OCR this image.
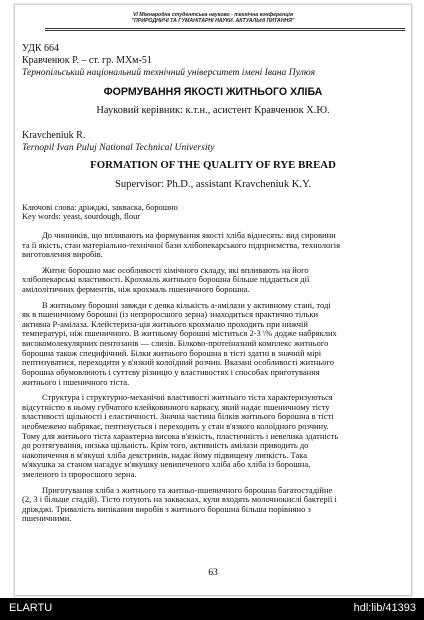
VI Міжнародна студентська науково - технічна конференція
"ПРИРОДНИЧІ ТА ГУМАНІТАРНІ НАУКИ. АКТУАЛЬНІ ПИТАННЯ"
УДК 664
Кравченюк Р. – ст. гр. МХм-51
Тернопільський національний технічний університет імені Івана Пулюя
ФОРМУВАННЯ ЯКОСТІ ЖИТНЬОГО ХЛІБА
Науковий керівник: к.т.н., асистент Кравченюк Х.Ю.
Kravcheniuk R.
Ternopil Ivan Puluj National Technical University
FORMATION OF THE QUALITY OF RYE BREAD
Supervisor: Ph.D., assistant Kravcheniuk K.Y.
Ключові слова: дріжджі, закваска, борошно
Key words: yeast, sourdough, flour
До чинників, що впливають на формування якості хліба віднесять: вид сировини
та її якість, стан матеріально-технічної бази хлібопекарського підприємства, технологія
виготовлення виробів.
Житнє борошно має особливості хімічного складу, які впливають на його
хлібопекарські властивості. Крохмаль житнього борошна більше піддається дії
амілолітичних ферментів, ніж крохмаль пшеничного борошна.
В житньому борошні завжди є деяка кількість a-амілази у активному стані, тоді
як в пшеничному борошні (із непроросшого зерна) знаходиться практично тільки
активна Р-амілаза. Клейстериза-ція житнього крохмалю проходить при нижчій
температурі, ніж пшеничного. В житньому борошні міститься 2-3 \% додже набряклих
високомолекулярних пентозанів — слизів. Білково-протеїназний комплекс житнього
борошна також специфічний. Білки житнього борошна в тісті здатні в значній мірі
пептизуватися, переходити у в'язкий колоїдний розчин. Вказані особливості житнього
борошна обумовлюють і суттєву різницю у властивостях і способах приготування
житнього і пшеничного тіста.
Структура і структурно-механічні властивості житнього тіста характеризуються
відсутністю в ньому губчатого клейковинного каркасу, який надає пшеничному тісту
властивості щільності і еластичності. Значна частина білків житнього борошна в тісті
необмежено набрякає, пептизується і переходить у стан в'язкого колоїдного розчину.
Тому для житнього тіста характерна висока в'язкість, пластичність і невелика здатність
до розтягування, низька щільність. Крім того, активність амілази приводить до
накопичення в м'якуші хліба декстринів, надає йому підвищену липкість. Така
м'якушка за станом нагадує м'якушку невипеченого хліба або хліба із борошна,
змеленого із проросшого зерна.
Приготування хліба з житнього та житньо-пшеничного борошна багатостадійне
(2, 3 і більше стадій). Тісто готують на заквасках, кули входять молочнокислі бактерії і
дріжджі. Тривалість випікання виробів з житнього борошна більша порівняно з
пшеничними.
63
ELARTU	hdl:lib/41393
